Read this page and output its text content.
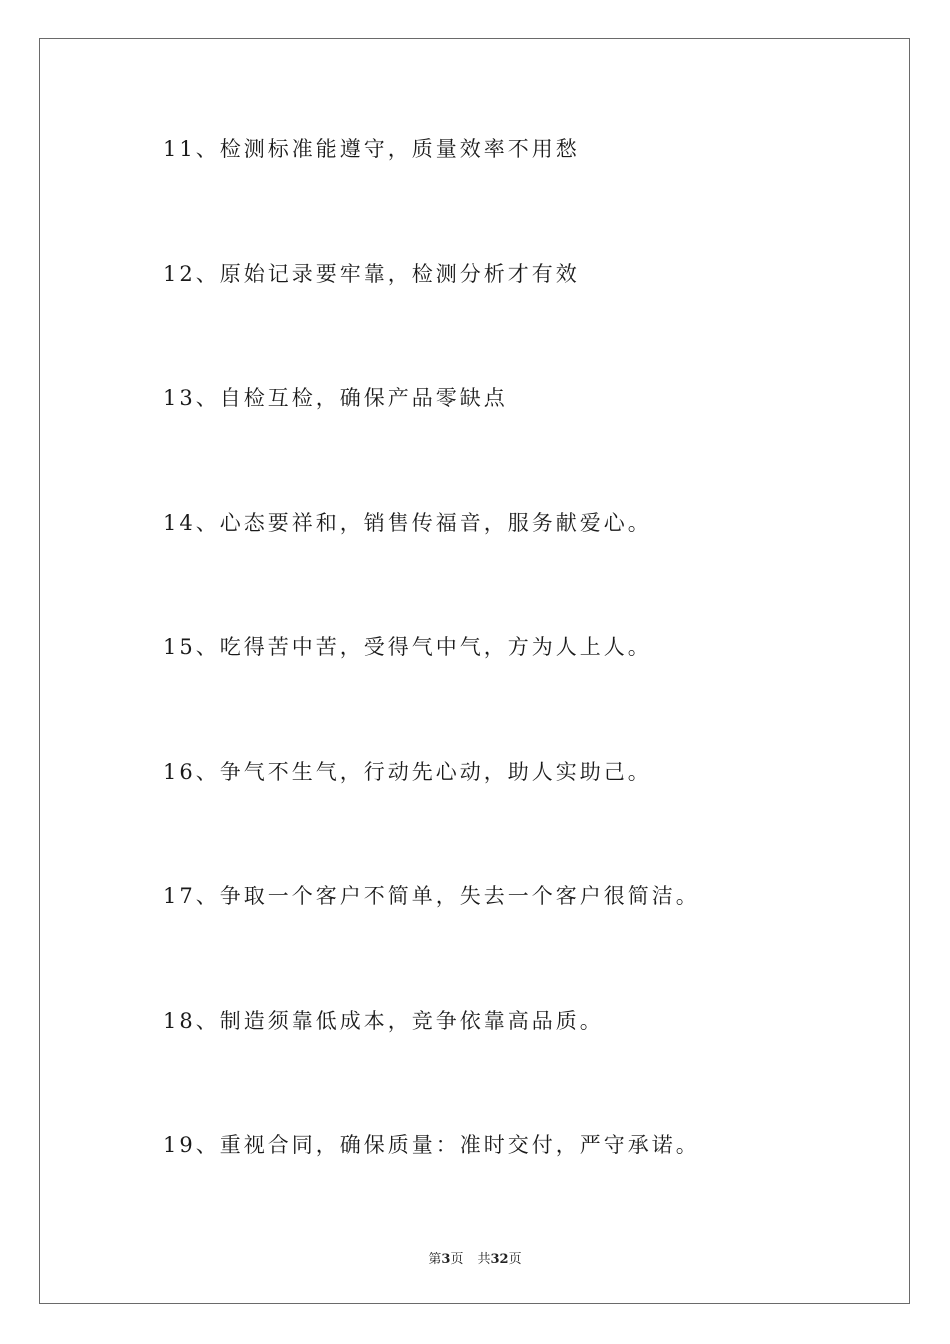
11、检测标准能遵守，质量效率不用愁
12、原始记录要牢靠，检测分析才有效
13、自检互检，确保产品零缺点
14、心态要祥和，销售传福音，服务献爱心。
15、吃得苦中苦，受得气中气，方为人上人。
16、争气不生气，行动先心动，助人实助己。
17、争取一个客户不简单，失去一个客户很简洁。
18、制造须靠低成本，竞争依靠高品质。
19、重视合同，确保质量：准时交付，严守承诺。
第3页 共32页
